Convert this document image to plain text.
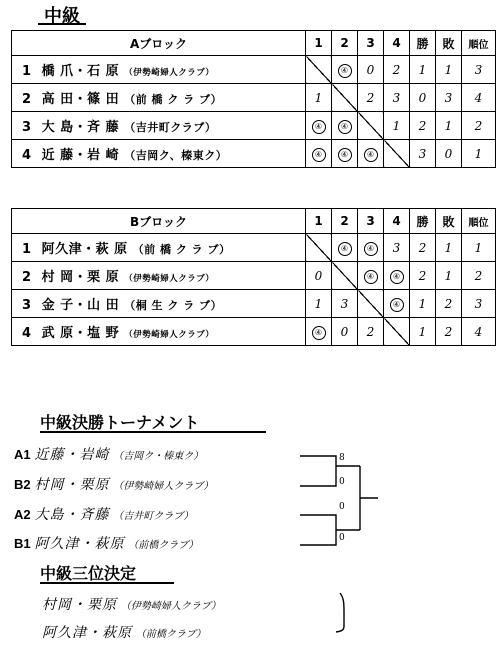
中級
Aブロック	1	2	3	4	勝	敗	順位
1 橋 爪・石 原 （伊勢崎婦人クラブ）		④	0	2	1	1	3
2 高 田・篠 田 （前 橋 ク ラ ブ）	1		2	3	0	3	4
3 大 島・斉 藤 （吉井町クラブ）	④	④		1	2	1	2
4 近 藤・岩 崎 （吉岡ク、榛東ク）	④	④	④		3	0	1
Bブロック	1	2	3	4	勝	敗	順位
1 阿久津・萩 原 （前 橋 ク ラ ブ）		④	④	3	2	1	1
2 村 岡・栗 原 （伊勢崎婦人クラブ）	0		④	④	2	1	2
3 金 子・山 田 （桐 生 ク ラ ブ）	1	3		④	1	2	3
4 武 原・塩 野 （伊勢崎婦人クラブ）	④	0	2		1	2	4
中級決勝トーナメント
A1 近藤・岩崎 （吉岡ク・榛東ク）
B2 村岡・栗原 （伊勢崎婦人クラブ）
A2 大島・斉藤 （吉井町クラブ）
B1 阿久津・萩原 （前橋クラブ）
8
0
0
0
中級三位決定
村岡・栗原 （伊勢崎婦人クラブ）
阿久津・萩原 （前橋クラブ）
